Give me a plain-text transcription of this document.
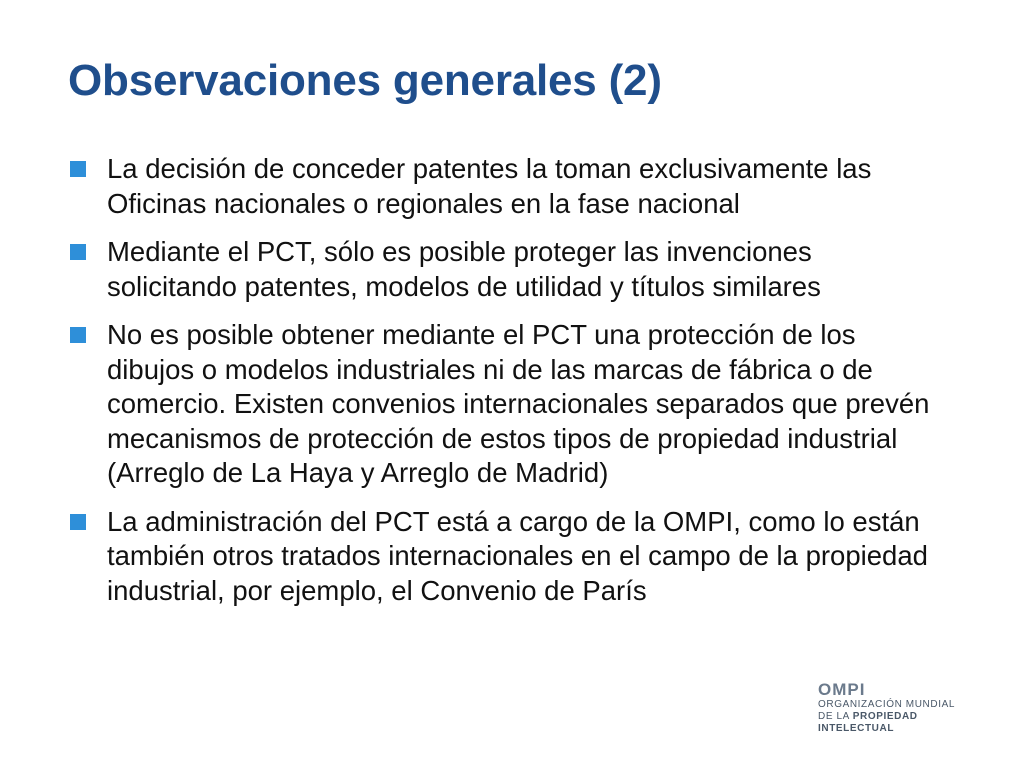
Observaciones generales (2)
La decisión de conceder patentes la toman exclusivamente las Oficinas nacionales o regionales en la fase nacional
Mediante el PCT, sólo es posible proteger las invenciones solicitando patentes, modelos de utilidad y títulos similares
No es posible obtener mediante el PCT una protección de los dibujos o modelos industriales ni de las marcas de fábrica o de comercio. Existen convenios internacionales separados que prevén mecanismos de protección de estos tipos de propiedad industrial (Arreglo de La Haya y Arreglo de Madrid)
La administración del PCT está a cargo de la OMPI, como lo están también otros tratados internacionales en el campo de la propiedad industrial, por ejemplo, el Convenio de París
OMPI
ORGANIZACIÓN MUNDIAL
DE LA PROPIEDAD
INTELECTUAL
